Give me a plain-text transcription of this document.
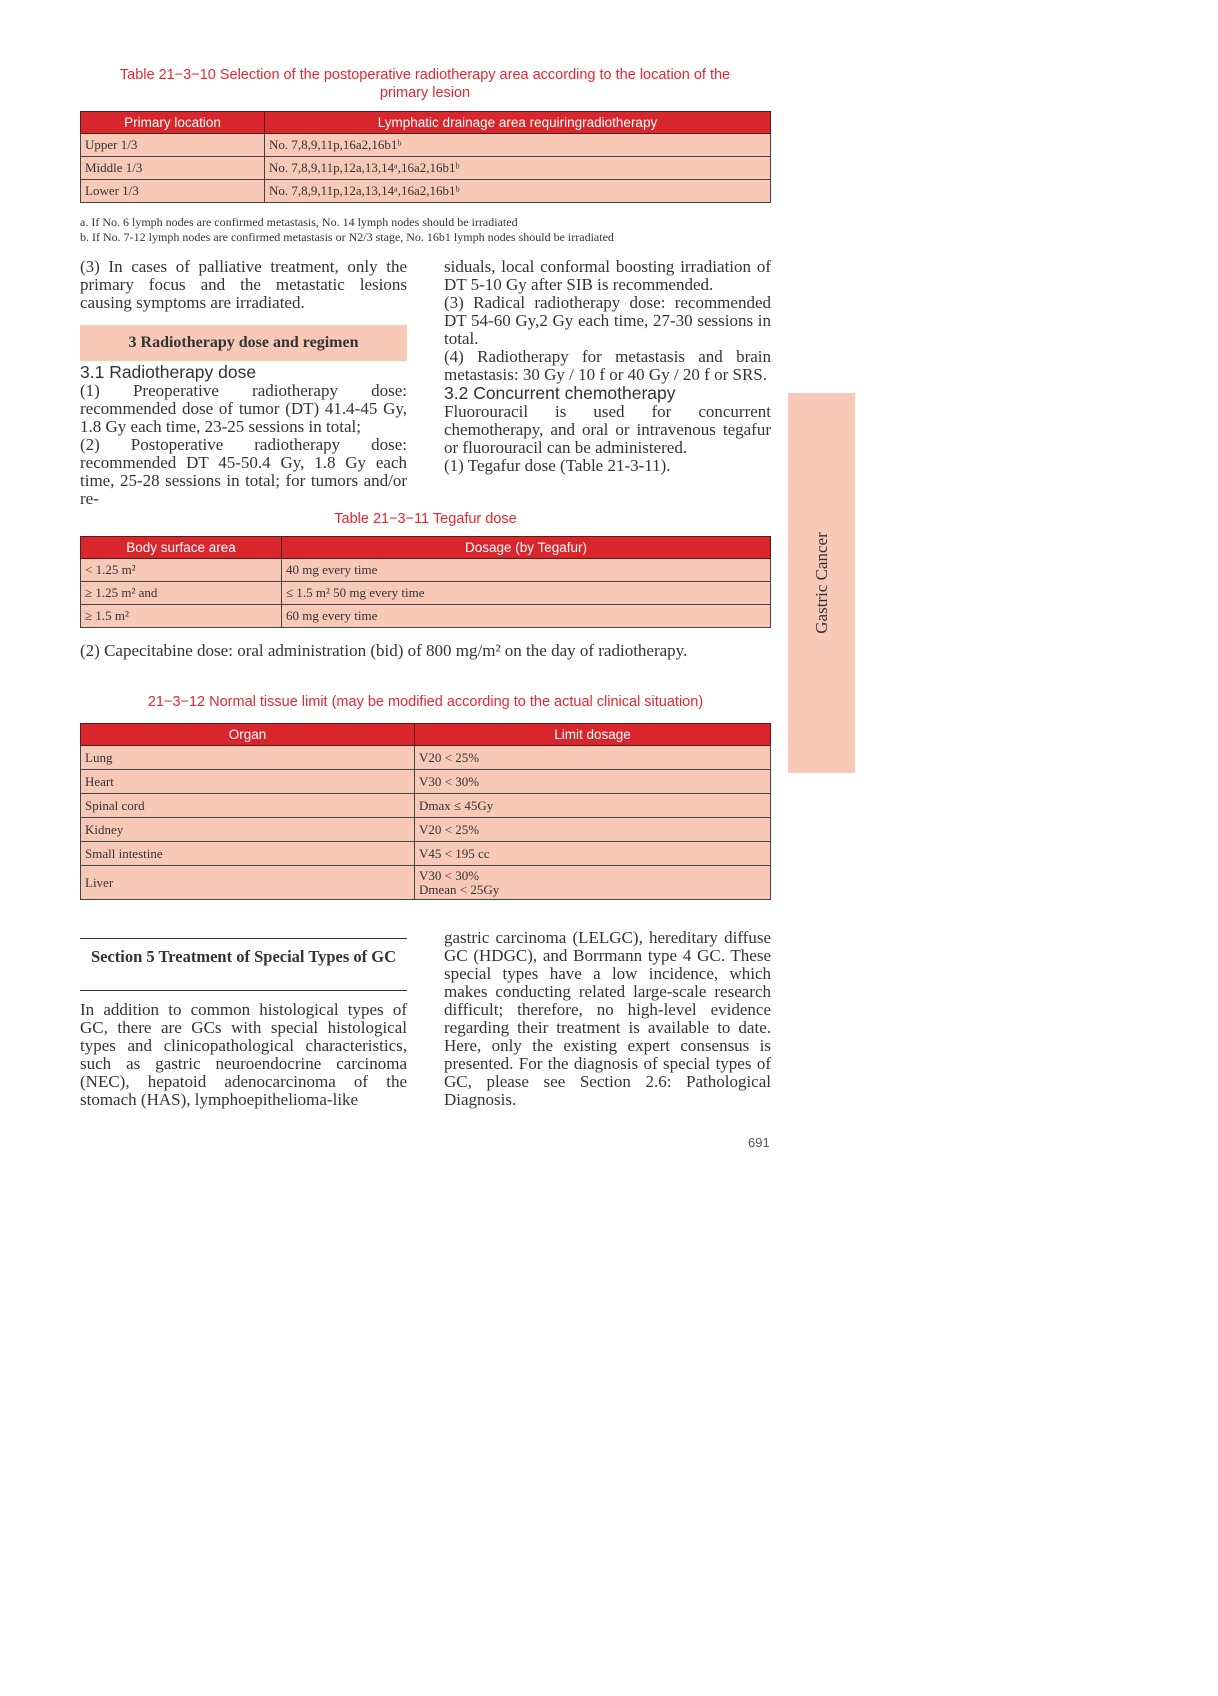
Table 21−3−10 Selection of the postoperative radiotherapy area according to the location of the
primary lesion
Primary location	Lymphatic drainage area requiringradiotherapy
Upper 1/3	No. 7,8,9,11p,16a2,16b1ᵇ
Middle 1/3	No. 7,8,9,11p,12a,13,14ᵃ,16a2,16b1ᵇ
Lower 1/3	No. 7,8,9,11p,12a,13,14ᵃ,16a2,16b1ᵇ
a. If No. 6 lymph nodes are confirmed metastasis, No. 14 lymph nodes should be irradiated
b. If No. 7-12 lymph nodes are confirmed metastasis or N2/3 stage, No. 16b1 lymph nodes should be irradiated

(3) In cases of palliative treatment, only the primary focus and the metastatic lesions causing symptoms are irradiated.

3 Radiotherapy dose and regimen
3.1 Radiotherapy dose

(1) Preoperative radiotherapy dose: recommended dose of tumor (DT) 41.4-45 Gy, 1.8 Gy each time, 23-25 sessions in total;

(2) Postoperative radiotherapy dose: recommended DT 45-50.4 Gy, 1.8 Gy each time, 25-28 sessions in total; for tumors and/or re-

siduals, local conformal boosting irradiation of DT 5-10 Gy after SIB is recommended.

(3) Radical radiotherapy dose: recommended DT 54-60 Gy,2 Gy each time, 27-30 sessions in total.

(4) Radiotherapy for metastasis and brain metastasis: 30 Gy / 10 f or 40 Gy / 20 f or SRS.

3.2 Concurrent chemotherapy

Fluorouracil is used for concurrent chemotherapy, and oral or intravenous tegafur or fluorouracil can be administered.

(1) Tegafur dose (Table 21-3-11).

Table 21−3−11 Tegafur dose
Body surface area	Dosage (by Tegafur)
< 1.25 m²	40 mg every time
≥ 1.25 m² and	≤ 1.5 m² 50 mg every time
≥ 1.5 m²	60 mg every time
(2) Capecitabine dose: oral administration (bid) of 800 mg/m² on the day of radiotherapy.
21−3−12 Normal tissue limit (may be modified according to the actual clinical situation)
Organ	Limit dosage
Lung	V20 < 25%
Heart	V30 < 30%
Spinal cord	Dmax ≤ 45Gy
Kidney	V20 < 25%
Small intestine	V45 < 195 cc
Liver	V30 < 30%
Dmean < 25Gy
Section 5 Treatment of Special Types of GC
In addition to common histological types of GC, there are GCs with special histological types and clinicopathological characteristics, such as gastric neuroendocrine carcinoma (NEC), hepatoid adenocarcinoma of the stomach (HAS), lymphoepithelioma-like
gastric carcinoma (LELGC), hereditary diffuse GC (HDGC), and Borrmann type 4 GC. These special types have a low incidence, which makes conducting related large-scale research difficult; therefore, no high-level evidence regarding their treatment is available to date. Here, only the existing expert consensus is presented. For the diagnosis of special types of GC, please see Section 2.6: Pathological Diagnosis.
Gastric Cancer
691
